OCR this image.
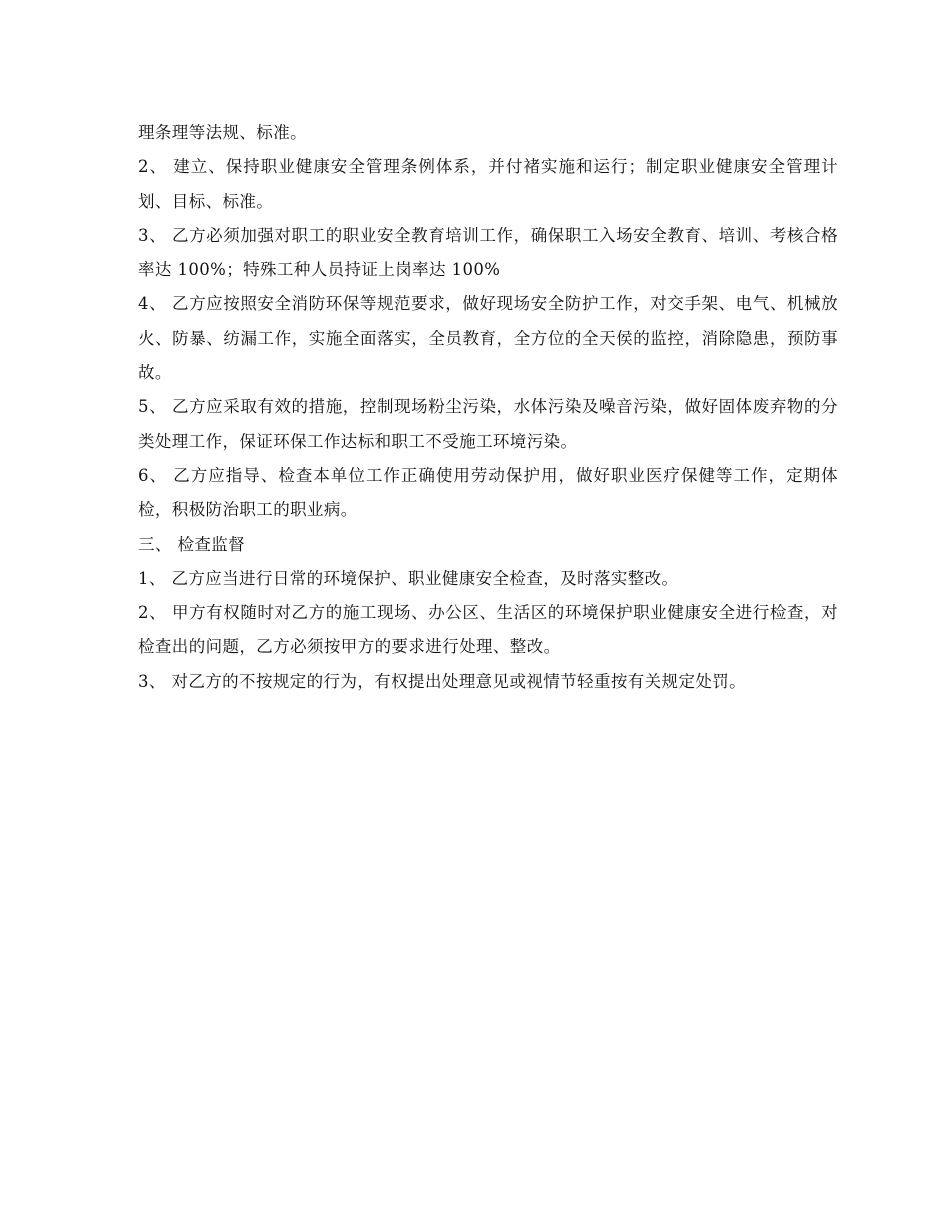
理条理等法规、标准。

2、 建立、保持职业健康安全管理条例体系，并付褚实施和运行；制定职业健康安全管理计划、目标、标准。

3、 乙方必须加强对职工的职业安全教育培训工作，确保职工入场安全教育、培训、考核合格率达 100%；特殊工种人员持证上岗率达 100%

4、 乙方应按照安全消防环保等规范要求，做好现场安全防护工作，对交手架、电气、机械放火、防暴、纺漏工作，实施全面落实，全员教育，全方位的全天侯的监控，消除隐患，预防事故。

5、 乙方应采取有效的措施，控制现场粉尘污染，水体污染及噪音污染，做好固体废弃物的分类处理工作，保证环保工作达标和职工不受施工环境污染。

6、 乙方应指导、检查本单位工作正确使用劳动保护用，做好职业医疗保健等工作，定期体检，积极防治职工的职业病。

三、 检查监督

1、 乙方应当进行日常的环境保护、职业健康安全检查，及时落实整改。

2、 甲方有权随时对乙方的施工现场、办公区、生活区的环境保护职业健康安全进行检查，对检查出的问题，乙方必须按甲方的要求进行处理、整改。

3、 对乙方的不按规定的行为，有权提出处理意见或视情节轻重按有关规定处罚。
